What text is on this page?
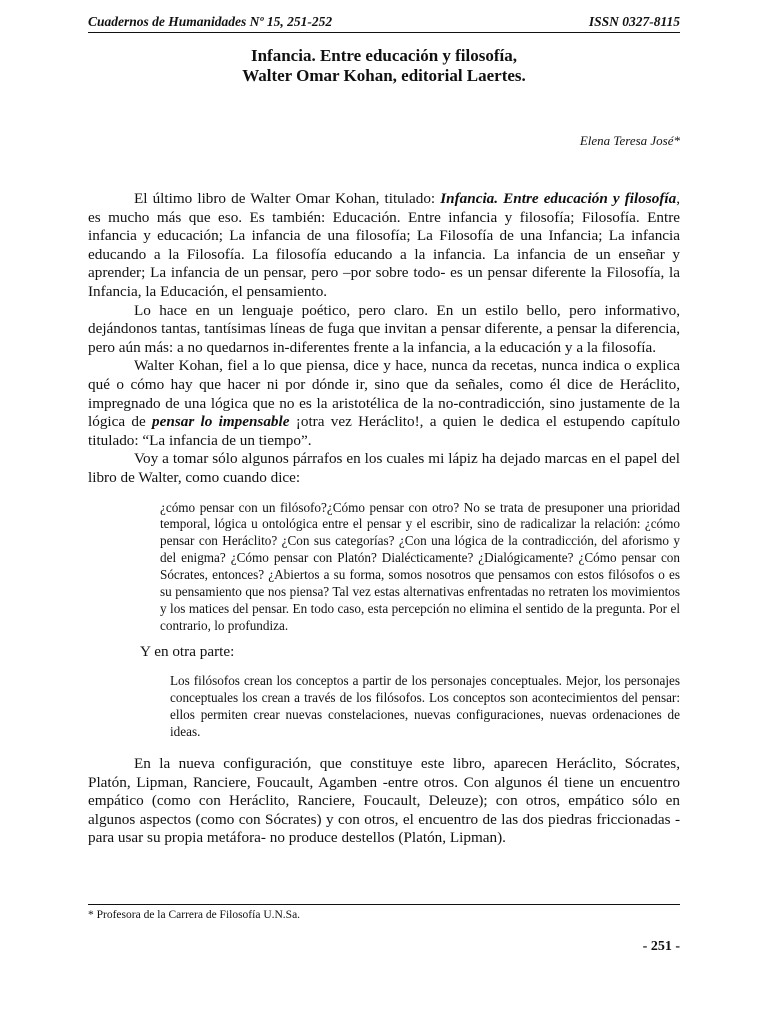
Cuadernos de Humanidades Nº 15, 251-252	ISSN 0327-8115
Infancia. Entre educación y filosofía,
Walter Omar Kohan, editorial Laertes.
Elena Teresa José*

El último libro de Walter Omar Kohan, titulado: Infancia. Entre educación y filosofía, es mucho más que eso. Es también: Educación. Entre infancia y filosofía; Filosofía. Entre infancia y educación; La infancia de una filosofía; La Filosofía de una Infancia; La infancia educando a la Filosofía. La filosofía educando a la infancia. La infancia de un enseñar y aprender; La infancia de un pensar, pero –por sobre todo- es un pensar diferente la Filosofía, la Infancia, la Educación, el pensamiento.

Lo hace en un lenguaje poético, pero claro. En un estilo bello, pero informativo, dejándonos tantas, tantísimas líneas de fuga que invitan a pensar diferente, a pensar la diferencia, pero aún más: a no quedarnos in-diferentes frente a la infancia, a la educación y a la filosofía.

Walter Kohan, fiel a lo que piensa, dice y hace, nunca da recetas, nunca indica o explica qué o cómo hay que hacer ni por dónde ir, sino que da señales, como él dice de Heráclito, impregnado de una lógica que no es la aristotélica de la no-contradicción, sino justamente de la lógica de pensar lo impensable ¡otra vez Heráclito!, a quien le dedica el estupendo capítulo titulado: “La infancia de un tiempo”.

Voy a tomar sólo algunos párrafos en los cuales mi lápiz ha dejado marcas en el papel del libro de Walter, como cuando dice:

¿cómo pensar con un filósofo?¿Cómo pensar con otro? No se trata de presuponer una prioridad temporal, lógica u ontológica entre el pensar y el escribir, sino de radicalizar la relación: ¿cómo pensar con Heráclito? ¿Con sus categorías? ¿Con una lógica de la contradicción, del aforismo y del enigma? ¿Cómo pensar con Platón? Dialécticamente? ¿Dialógicamente? ¿Cómo pensar con Sócrates, entonces? ¿Abiertos a su forma, somos nosotros que pensamos con estos filósofos o es su pensamiento que nos piensa? Tal vez estas alternativas enfrentadas no retraten los movimientos y los matices del pensar. En todo caso, esta percepción no elimina el sentido de la pregunta. Por el contrario, lo profundiza.

Y en otra parte:

Los filósofos crean los conceptos a partir de los personajes conceptuales. Mejor, los personajes conceptuales los crean a través de los filósofos. Los conceptos son acontecimientos del pensar: ellos permiten crear nuevas constelaciones, nuevas configuraciones, nuevas ordenaciones de ideas.

En la nueva configuración, que constituye este libro, aparecen Heráclito, Sócrates, Platón, Lipman, Ranciere, Foucault, Agamben -entre otros. Con algunos él tiene un encuentro empático (como con Heráclito, Ranciere, Foucault, Deleuze); con otros, empático sólo en algunos aspectos (como con Sócrates) y con otros, el encuentro de las dos piedras friccionadas -para usar su propia metáfora- no produce destellos (Platón, Lipman).

* Profesora de la Carrera de Filosofía U.N.Sa.
- 251 -
